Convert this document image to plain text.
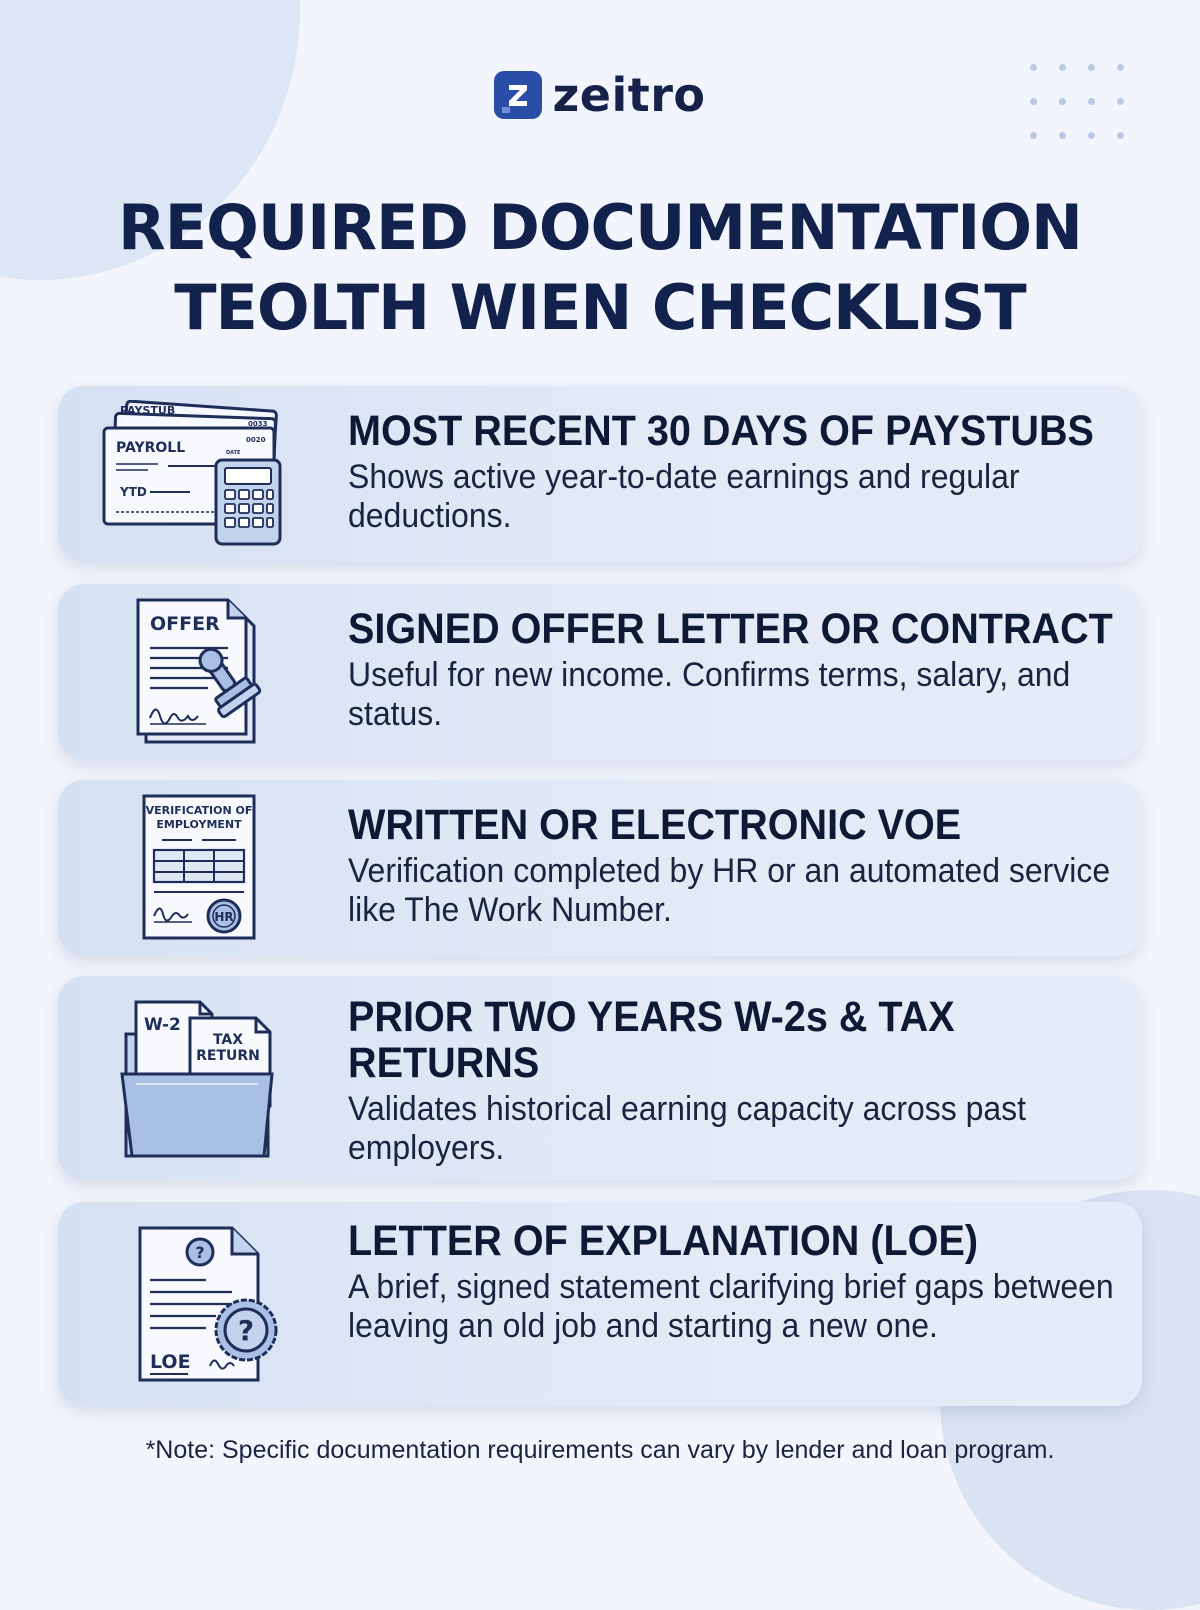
zeitro
REQUIRED DOCUMENTATION
TEOLTH WIEN CHECKLIST
PAYSTUB
0033
PAYROLL	0020
DATE
YTD
MOST RECENT 30 DAYS OF PAYSTUBS
Shows active year-to-date earnings and regular deductions.
OFFER	SIGNED OFFER LETTER OR CONTRACT
Useful for new income. Confirms terms, salary, and status.
VERIFICATION OF
EMPLOYMENT
HR
WRITTEN OR ELECTRONIC VOE
Verification completed by HR or an automated service like The Work Number.
W-2
TAX
RETURN
PRIOR TWO YEARS W-2s & TAX RETURNS
Validates historical earning capacity across past employers.
?
LOE
?
LETTER OF EXPLANATION (LOE)
A brief, signed statement clarifying brief gaps between leaving an old job and starting a new one.
*Note: Specific documentation requirements can vary by lender and loan program.
